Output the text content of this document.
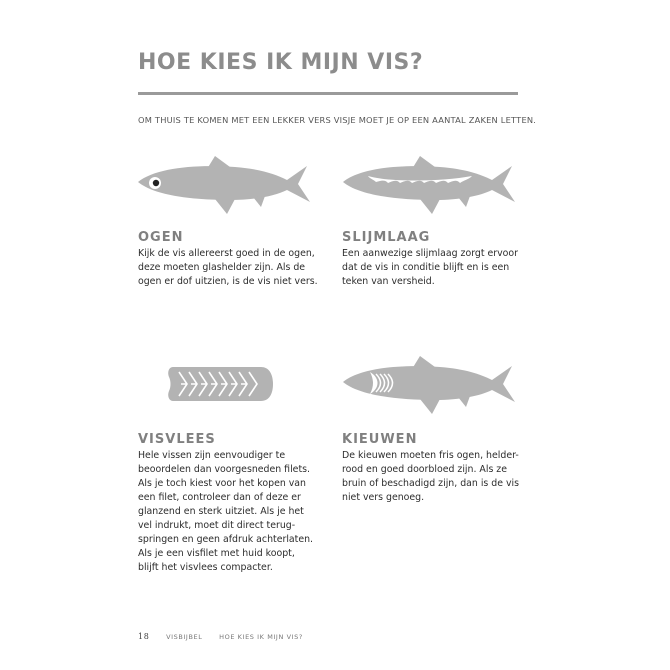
HOE KIES IK MIJN VIS?
OM THUIS TE KOMEN MET EEN LEKKER VERS VISJE MOET JE OP EEN AANTAL ZAKEN LETTEN.
OGEN
Kijk de vis allereerst goed in de ogen,
deze moeten glashelder zijn. Als de
ogen er dof uitzien, is de vis niet vers.
SLIJMLAAG
Een aanwezige slijmlaag zorgt ervoor
dat de vis in conditie blijft en is een
teken van versheid.
VISVLEES
Hele vissen zijn eenvoudiger te
beoordelen dan voorgesneden filets.
Als je toch kiest voor het kopen van
een filet, controleer dan of deze er
glanzend en sterk uitziet. Als je het
vel indrukt, moet dit direct terug-
springen en geen afdruk achterlaten.
Als je een visfilet met huid koopt,
blijft het visvlees compacter.
KIEUWEN
De kieuwen moeten fris ogen, helder-
rood en goed doorbloed zijn. Als ze
bruin of beschadigd zijn, dan is de vis
niet vers genoeg.
18	VISBIJBEL	HOE KIES IK MIJN VIS?
